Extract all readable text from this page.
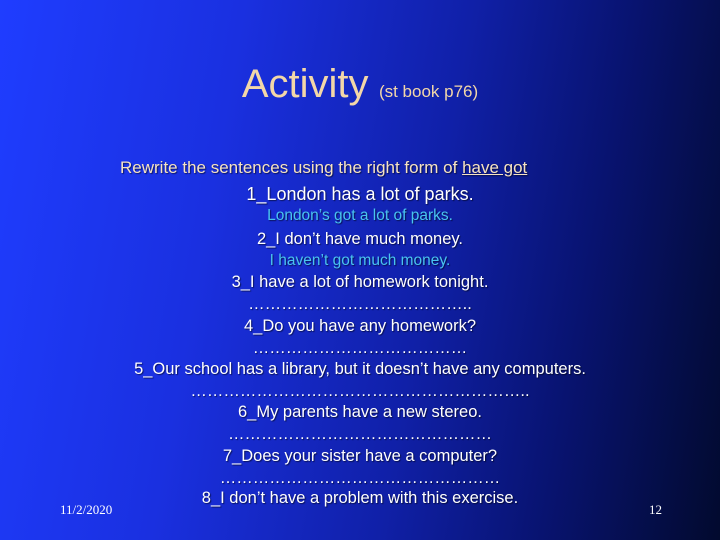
Activity (st book p76)
Rewrite the sentences using the right form of have got
1_London has a lot of parks.
London’s got a lot of parks.
2_I don’t have much money.
I haven’t got much money.
3_I have a lot of homework tonight.
…………………………………..
4_Do you have any homework?
…………………………………
5_Our school has a library, but it doesn’t have any computers.
……………………………………………………..
6_My parents have a new stereo.
…………………………………………
7_Does your sister have a computer?
……………………………………………
8_I don’t have a problem with this exercise.
11/2/2020	12
